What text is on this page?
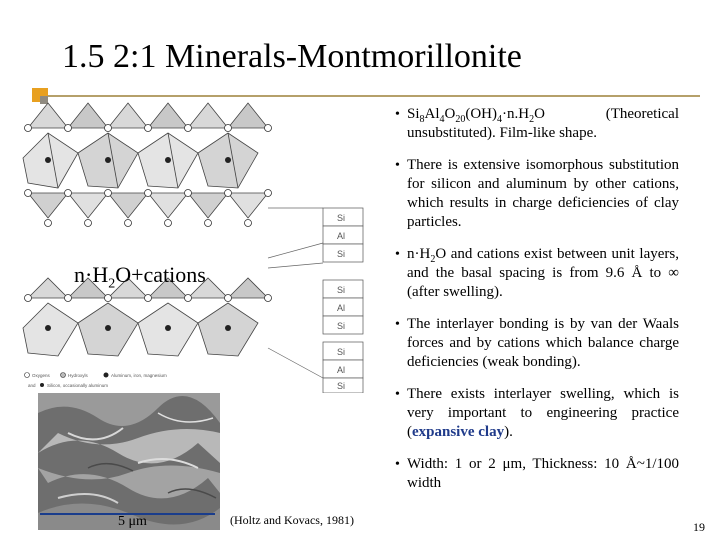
1.5 2:1 Minerals-Montmorillonite
Si
Al
Si
Si
Al
Si
Si
Al
Si
Oxygens	Hydroxyls	Aluminum, iron, magnesium
and	Silicon, occasionally aluminum
$n\cdot H_2O+cations$
5 μm	(Holtz and Kovacs, 1981)
• $Si_8Al_4O_{20}(OH)_4\cdot n.H_2O$ (Theoretical unsubstituted). Film-like shape.
• There is extensive isomorphous substitution for silicon and aluminum by other cations, which results in charge deficiencies of clay particles.
• $n\cdot H_2O$ and cations exist between unit layers, and the basal spacing is from 9.6 Å to ∞ (after swelling).
• The interlayer bonding is by van der Waals forces and by cations which balance charge deficiencies (weak bonding).
• There exists interlayer swelling, which is very important to engineering practice (expansive clay).
• Width: 1 or 2 μm, Thickness: 10 Å~1/100 width
19
